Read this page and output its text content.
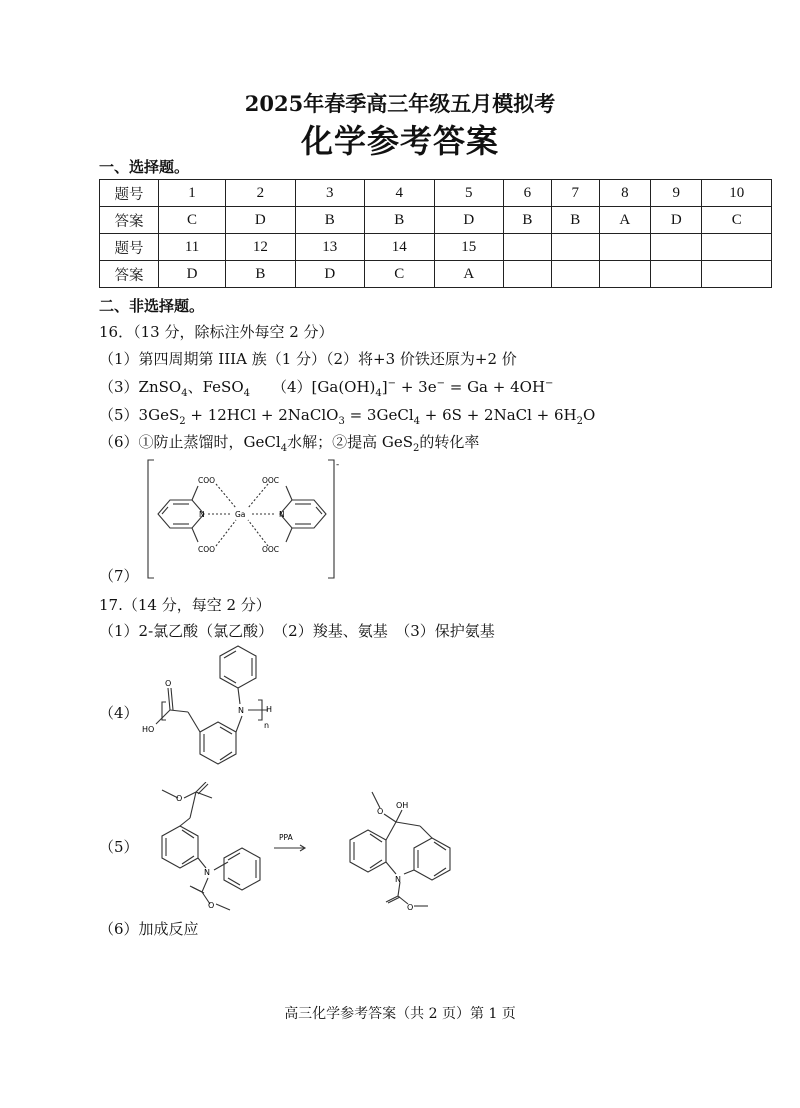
2025年春季高三年级五月模拟考
化学参考答案
一、选择题。
题号	1	2	3	4	5	6	7	8	9	10
答案	C	D	B	B	D	B	B	A	D	C
题号	11	12	13	14	15					
答案	D	B	D	C	A					
二、非选择题。
16．（13 分，除标注外每空 2 分）
（1）第四周期第 IIIA 族（1 分）（2）将+3 价铁还原为+2 价
（3）ZnSO$_4$、FeSO$_4$ $(4)[Ga(OH)_4]^- + 3e^- = Ga + 4OH^-$
（5）3GeS$_2$ + 12HCl + 2NaClO$_3$ = 3GeCl$_4$ + 6S + 2NaCl + $6H_2O$
（6）①防止蒸馏时，GeCl$_4$水解；②提高 GeS$_2$的转化率
（7）
COO
COO
OOC
OOC
N	N
Ga
-
17.（14 分，每空 2 分）
（1）2-氯乙酸（氯乙酸）　（2）羧基、氨基　（3）保护氨基
（4）
O
HO
N	H
n
（5）
O
N
O
PPA
O
OH
N
O
（6）加成反应
高三化学参考答案（共 2 页）第 1 页
